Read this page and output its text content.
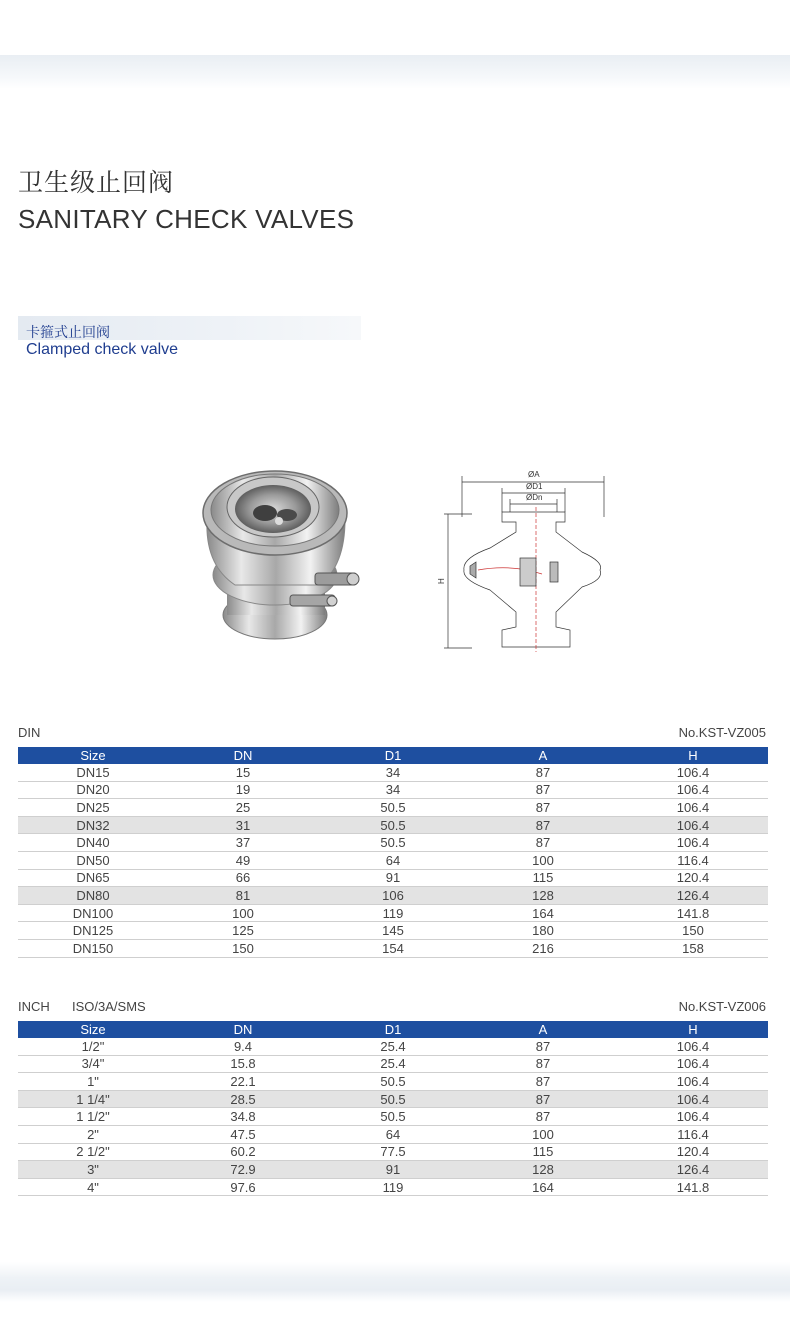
卫生级止回阀
SANITARY CHECK VALVES
卡箍式止回阀
Clamped check valve
ØA
ØD1
ØDn
H
DIN	No.KST-VZ005
Size	DN	D1	A	H
DN15	15	34	87	106.4
DN20	19	34	87	106.4
DN25	25	50.5	87	106.4
DN32	31	50.5	87	106.4
DN40	37	50.5	87	106.4
DN50	49	64	100	116.4
DN65	66	91	115	120.4
DN80	81	106	128	126.4
DN100	100	119	164	141.8
DN125	125	145	180	150
DN150	150	154	216	158
INCH ISO/3A/SMS	No.KST-VZ006
Size	DN	D1	A	H
1/2"	9.4	25.4	87	106.4
3/4"	15.8	25.4	87	106.4
1"	22.1	50.5	87	106.4
1 1/4"	28.5	50.5	87	106.4
1 1/2"	34.8	50.5	87	106.4
2"	47.5	64	100	116.4
2 1/2"	60.2	77.5	115	120.4
3"	72.9	91	128	126.4
4"	97.6	119	164	141.8
